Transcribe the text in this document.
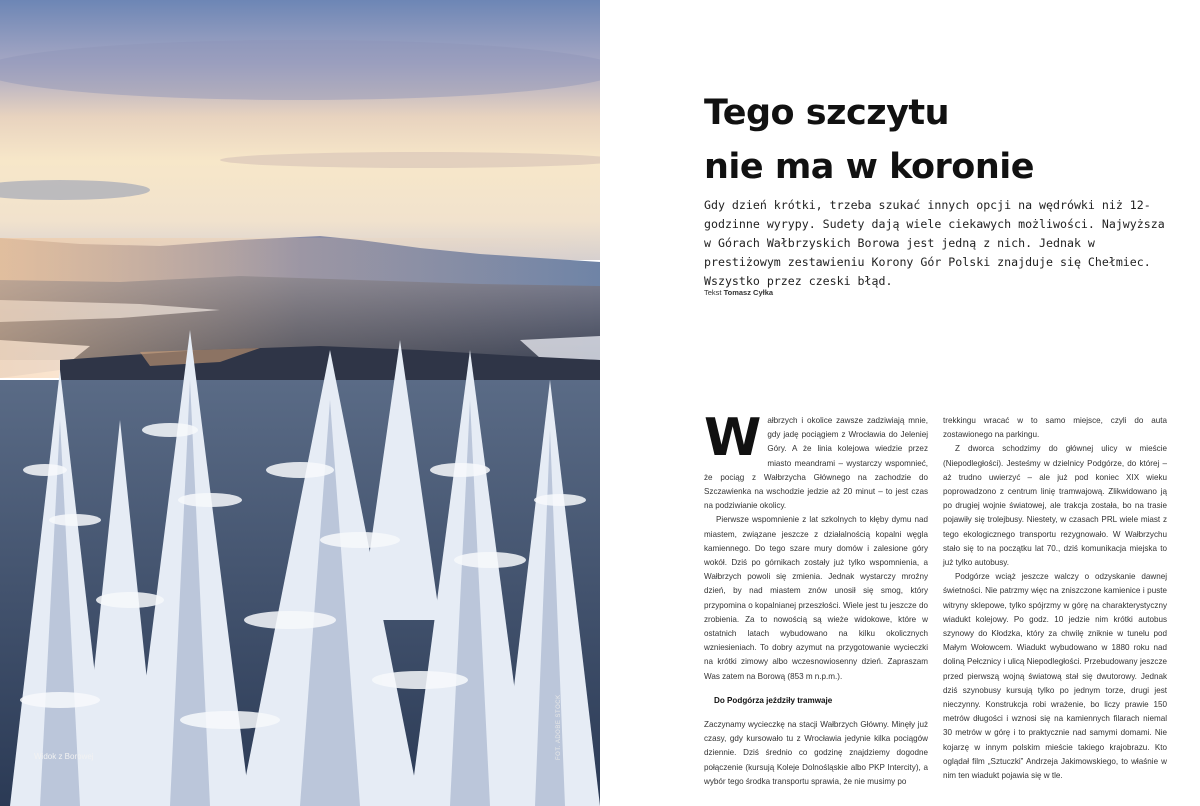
Widok z Borowej	FOT. ADOBE STOCK
Tego szczytu
nie ma w koronie

Gdy dzień krótki, trzeba szukać innych opcji na wędrówki niż 12-godzinne wyrypy. Sudety dają wiele ciekawych możliwości. Najwyższa w Górach Wałbrzyskich Borowa jest jedną z nich. Jednak w prestiżowym zestawieniu Korony Gór Polski znajduje się Chełmiec. Wszystko przez czeski błąd.

Tekst Tomasz Cyłka

Wałbrzych i okolice zawsze zadziwiają mnie, gdy jadę pociągiem z Wrocławia do Jeleniej Góry. A że linia kolejowa wiedzie przez miasto meandrami – wystarczy wspomnieć, że pociąg z Wałbrzycha Głównego na zachodzie do Szczawienka na wschodzie jedzie aż 20 minut – to jest czas na podziwianie okolicy.

Pierwsze wspomnienie z lat szkolnych to kłęby dymu nad miastem, związane jeszcze z działalnością kopalni węgla kamiennego. Do tego szare mury domów i zalesione góry wokół. Dziś po górnikach zostały już tylko wspomnienia, a Wałbrzych powoli się zmienia. Jednak wystarczy mroźny dzień, by nad miastem znów unosił się smog, który przypomina o kopalnianej przeszłości. Wiele jest tu jeszcze do zrobienia. Za to nowością są wieże widokowe, które w ostatnich latach wybudowano na kilku okolicznych wzniesieniach. To dobry azymut na przygotowanie wycieczki na krótki zimowy albo wczesnowiosenny dzień. Zapraszam Was zatem na Borową (853 m n.p.m.).

Do Podgórza jeździły tramwaje

Zaczynamy wycieczkę na stacji Wałbrzych Główny. Minęły już czasy, gdy kursowało tu z Wrocławia jedynie kilka pociągów dziennie. Dziś średnio co godzinę znajdziemy dogodne połączenie (kursują Koleje Dolnośląskie albo PKP Intercity), a wybór tego środka transportu sprawia, że nie musimy po

trekkingu wracać w to samo miejsce, czyli do auta zostawionego na parkingu.

Z dworca schodzimy do głównej ulicy w mieście (Niepodległości). Jesteśmy w dzielnicy Podgórze, do której – aż trudno uwierzyć – ale już pod koniec XIX wieku poprowadzono z centrum linię tramwajową. Zlikwidowano ją po drugiej wojnie światowej, ale trakcja została, bo na trasie pojawiły się trolejbusy. Niestety, w czasach PRL wiele miast z tego ekologicznego transportu rezygnowało. W Wałbrzychu stało się to na początku lat 70., dziś komunikacja miejska to już tylko autobusy.

Podgórze wciąż jeszcze walczy o odzyskanie dawnej świetności. Nie patrzmy więc na zniszczone kamienice i puste witryny sklepowe, tylko spójrzmy w górę na charakterystyczny wiadukt kolejowy. Po godz. 10 jedzie nim krótki autobus szynowy do Kłodzka, który za chwilę zniknie w tunelu pod Małym Wołowcem. Wiadukt wybudowano w 1880 roku nad doliną Pełcznicy i ulicą Niepodległości. Przebudowany jeszcze przed pierwszą wojną światową stał się dwutorowy. Jednak dziś szynobusy kursują tylko po jednym torze, drugi jest nieczynny. Konstrukcja robi wrażenie, bo liczy prawie 150 metrów długości i wznosi się na kamiennych filarach niemal 30 metrów w górę i to praktycznie nad samymi domami. Nie kojarzę w innym polskim mieście takiego krajobrazu. Kto oglądał film „Sztuczki” Andrzeja Jakimowskiego, to właśnie w nim ten wiadukt pojawia się w tle.
